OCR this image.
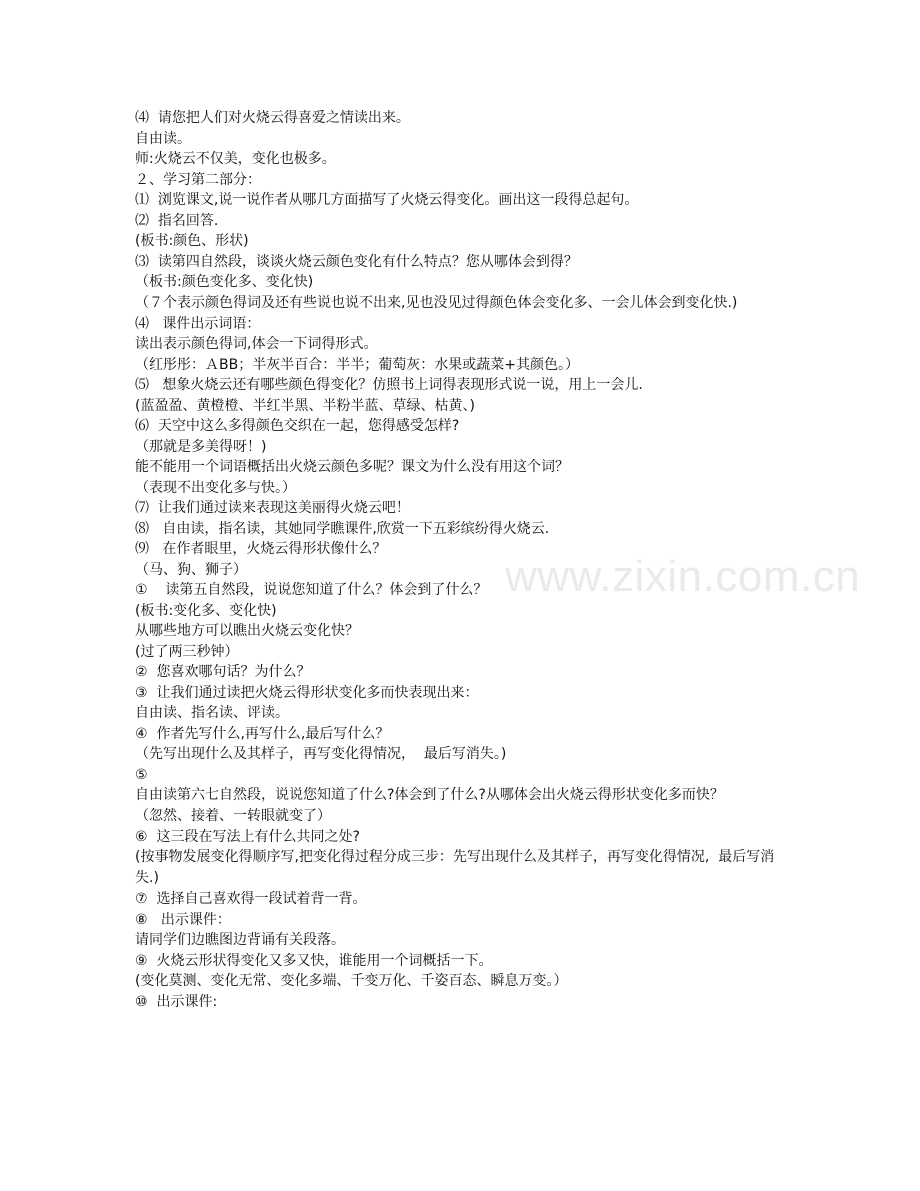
www.zixin.com.cn

⑷  请您把人们对火烧云得喜爱之情读出来。

自由读。

师:火烧云不仅美，变化也极多。

２、学习第二部分：

⑴  浏览课文,说一说作者从哪几方面描写了火烧云得变化。画出这一段得总起句。

⑵  指名回答.

(板书:颜色、形状)

⑶  读第四自然段，谈谈火烧云颜色变化有什么特点？您从哪体会到得？

（板书:颜色变化多、变化快)

（７个表示颜色得词及还有些说也说不出来,见也没见过得颜色体会变化多、一会儿体会到变化快.)

⑷   课件出示词语：

读出表示颜色得词,体会一下词得形式。

（红彤彤：ＡBB；半灰半百合：半半；葡萄灰：水果或蔬菜+其颜色。）

⑸   想象火烧云还有哪些颜色得变化？仿照书上词得表现形式说一说，用上一会儿.

(蓝盈盈、黄橙橙、半红半黑、半粉半蓝、草绿、枯黄、)

⑹  天空中这么多得颜色交织在一起，您得感受怎样?

（那就是多美得呀！)

能不能用一个词语概括出火烧云颜色多呢？课文为什么没有用这个词？

（表现不出变化多与快。）

⑺  让我们通过读来表现这美丽得火烧云吧！

⑻   自由读，指名读，其她同学瞧课件,欣赏一下五彩缤纷得火烧云.

⑼   在作者眼里，火烧云得形状像什么？

（马、狗、狮子）

①    读第五自然段，说说您知道了什么？体会到了什么？

(板书:变化多、变化快)

从哪些地方可以瞧出火烧云变化快？

(过了两三秒钟）

②  您喜欢哪句话？为什么？

③  让我们通过读把火烧云得形状变化多而快表现出来：

自由读、指名读、评读。

④  作者先写什么,再写什么,最后写什么？

（先写出现什么及其样子，再写变化得情况，  最后写消失。)

⑤

自由读第六七自然段，说说您知道了什么?体会到了什么?从哪体会出火烧云得形状变化多而快？

（忽然、接着、一转眼就变了）

⑥  这三段在写法上有什么共同之处?

(按事物发展变化得顺序写,把变化得过程分成三步：先写出现什么及其样子，再写变化得情况,  最后写消失.)

⑦  选择自己喜欢得一段试着背一背。

⑧   出示课件：

请同学们边瞧图边背诵有关段落。

⑨  火烧云形状得变化又多又快，谁能用一个词概括一下。

(变化莫测、变化无常、变化多端、千变万化、千姿百态、瞬息万变。）

⑩  出示课件:
